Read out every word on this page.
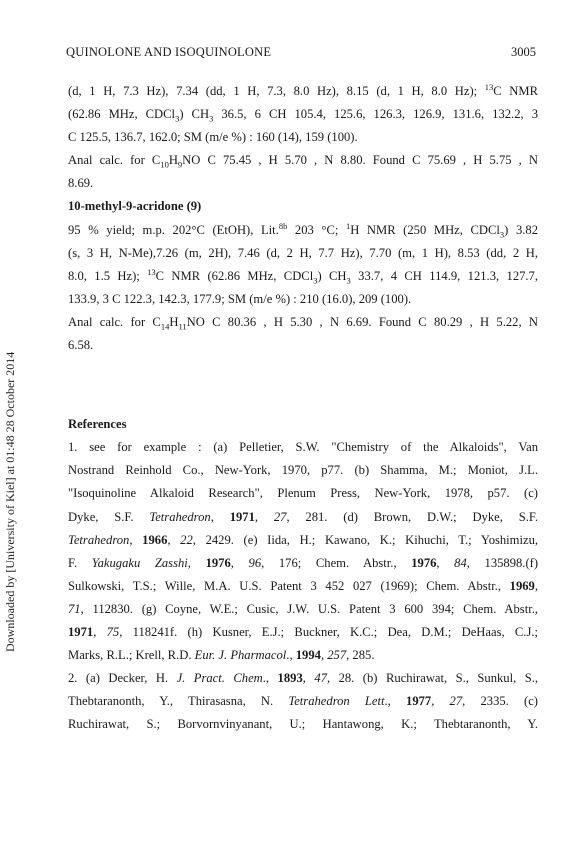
QUINOLONE AND ISOQUINOLONE	3005
Downloaded by [University of Kiel] at 01:48 28 October 2014

(d, 1 H, 7.3 Hz), 7.34 (dd, 1 H, 7.3, 8.0 Hz), 8.15 (d, 1 H, 8.0 Hz); $^{13}$C NMR

(62.86 MHz, CDCl$_3$) $CH_3$ 36.5, 6 CH 105.4, 125.6, 126.3, 126.9, 131.6, 132.2, 3

C 125.5, 136.7, 162.0; SM (m/e %) : 160 (14), 159 (100).

Anal calc. for $C_{10}H_9NO$ C 75.45 , H 5.70 , N 8.80. Found C 75.69 , H 5.75 , N

8.69.

10-methyl-9-acridone (9)

95 % yield; m.p. 202°C (EtOH), Lit.$^{8b}$ 203 °C; $^1$H NMR (250 MHz, CDCl$_3$) 3.82

(s, 3 H, N-Me),7.26 (m, 2H), 7.46 (d, 2 H, 7.7 Hz), 7.70 (m, 1 H), 8.53 (dd, 2 H,

8.0, 1.5 Hz); $^{13}$C NMR (62.86 MHz, CDCl$_3$) $CH_3$ 33.7, 4 CH 114.9, 121.3, 127.7,

133.9, 3 C 122.3, 142.3, 177.9; SM (m/e %) : 210 (16.0), 209 (100).

Anal calc. for $C_{14}H_{11}NO$ C 80.36 , H 5.30 , N 6.69. Found C 80.29 , H 5.22, N

6.58.

References

1. see for example : (a) Pelletier, S.W. "Chemistry of the Alkaloids", Van

Nostrand Reinhold Co., New-York, 1970, p77. (b) Shamma, M.; Moniot, J.L.

"Isoquinoline Alkaloid Research", Plenum Press, New-York, 1978, p57. (c)

Dyke, S.F. Tetrahedron, 1971, 27, 281. (d) Brown, D.W.; Dyke, S.F.

Tetrahedron, 1966, 22, 2429. (e) Iida, H.; Kawano, K.; Kihuchi, T.; Yoshimizu,

F. Yakugaku Zasshi, 1976, 96, 176; Chem. Abstr., 1976, 84, 135898.(f)

Sulkowski, T.S.; Wille, M.A. U.S. Patent 3 452 027 (1969); Chem. Abstr., 1969,

71, 112830. (g) Coyne, W.E.; Cusic, J.W. U.S. Patent 3 600 394; Chem. Abstr.,

1971, 75, 118241f. (h) Kusner, E.J.; Buckner, K.C.; Dea, D.M.; DeHaas, C.J.;

Marks, R.L.; Krell, R.D. Eur. J. Pharmacol., 1994, 257, 285.

2. (a) Decker, H. J. Pract. Chem., 1893, 47, 28. (b) Ruchirawat, S., Sunkul, S.,

Thebtaranonth, Y., Thirasasna, N. Tetrahedron Lett., 1977, 27, 2335. (c)

Ruchirawat, S.; Borvornvinyanant, U.; Hantawong, K.; Thebtaranonth, Y.
